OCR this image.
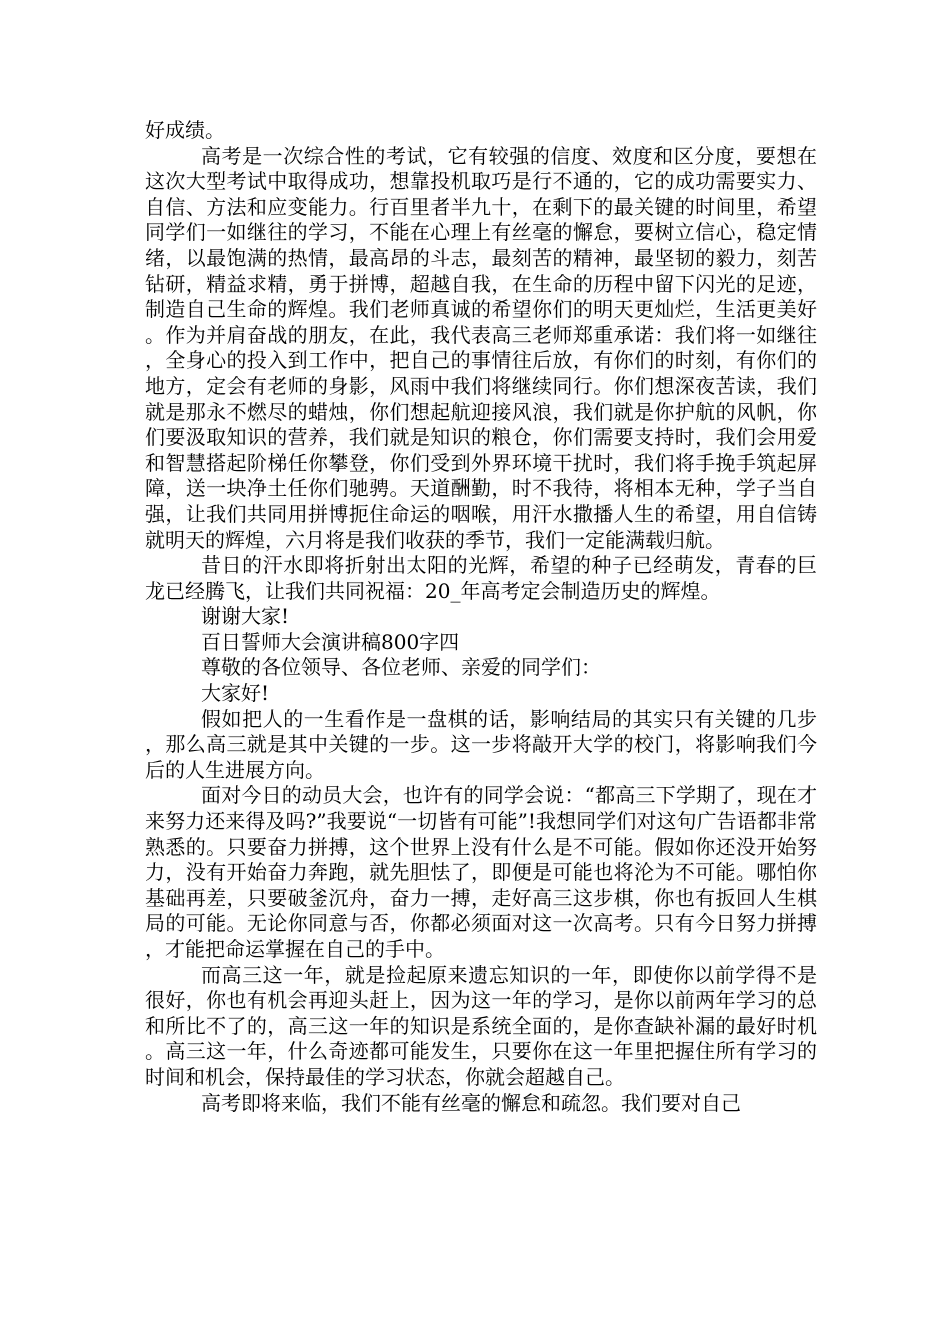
好成绩。

高考是一次综合性的考试，它有较强的信度、效度和区分度，要想在这次大型考试中取得成功，想靠投机取巧是行不通的，它的成功需要实力、自信、方法和应变能力。行百里者半九十，在剩下的最关键的时间里，希望同学们一如继往的学习，不能在心理上有丝毫的懈怠，要树立信心，稳定情绪，以最饱满的热情，最高昂的斗志，最刻苦的精神，最坚韧的毅力，刻苦钻研，精益求精，勇于拼博，超越自我，在生命的历程中留下闪光的足迹，制造自己生命的辉煌。我们老师真诚的希望你们的明天更灿烂，生活更美好。作为并肩奋战的朋友，在此，我代表高三老师郑重承诺：我们将一如继往，全身心的投入到工作中，把自己的事情往后放，有你们的时刻，有你们的地方，定会有老师的身影，风雨中我们将继续同行。你们想深夜苦读，我们就是那永不燃尽的蜡烛，你们想起航迎接风浪，我们就是你护航的风帆，你们要汲取知识的营养，我们就是知识的粮仓，你们需要支持时，我们会用爱和智慧搭起阶梯任你攀登，你们受到外界环境干扰时，我们将手挽手筑起屏障，送一块净土任你们驰骋。天道酬勤，时不我待，将相本无种，学子当自强，让我们共同用拼博扼住命运的咽喉，用汗水撒播人生的希望，用自信铸就明天的辉煌，六月将是我们收获的季节，我们一定能满载归航。

昔日的汗水即将折射出太阳的光辉，希望的种子已经萌发，青春的巨龙已经腾飞，让我们共同祝福：20_年高考定会制造历史的辉煌。

谢谢大家!

百日誓师大会演讲稿800字四

尊敬的各位领导、各位老师、亲爱的同学们：

大家好!

假如把人的一生看作是一盘棋的话，影响结局的其实只有关键的几步，那么高三就是其中关键的一步。这一步将敲开大学的校门，将影响我们今后的人生进展方向。

面对今日的动员大会，也许有的同学会说：“都高三下学期了，现在才来努力还来得及吗?”我要说“一切皆有可能”!我想同学们对这句广告语都非常熟悉的。只要奋力拼搏，这个世界上没有什么是不可能。假如你还没开始努力，没有开始奋力奔跑，就先胆怯了，即便是可能也将沦为不可能。哪怕你基础再差，只要破釜沉舟，奋力一搏，走好高三这步棋，你也有扳回人生棋局的可能。无论你同意与否，你都必须面对这一次高考。只有今日努力拼搏，才能把命运掌握在自己的手中。

而高三这一年，就是捡起原来遗忘知识的一年，即使你以前学得不是很好，你也有机会再迎头赶上，因为这一年的学习，是你以前两年学习的总和所比不了的，高三这一年的知识是系统全面的，是你查缺补漏的最好时机。高三这一年，什么奇迹都可能发生，只要你在这一年里把握住所有学习的时间和机会，保持最佳的学习状态，你就会超越自己。

高考即将来临，我们不能有丝毫的懈怠和疏忽。我们要对自己
